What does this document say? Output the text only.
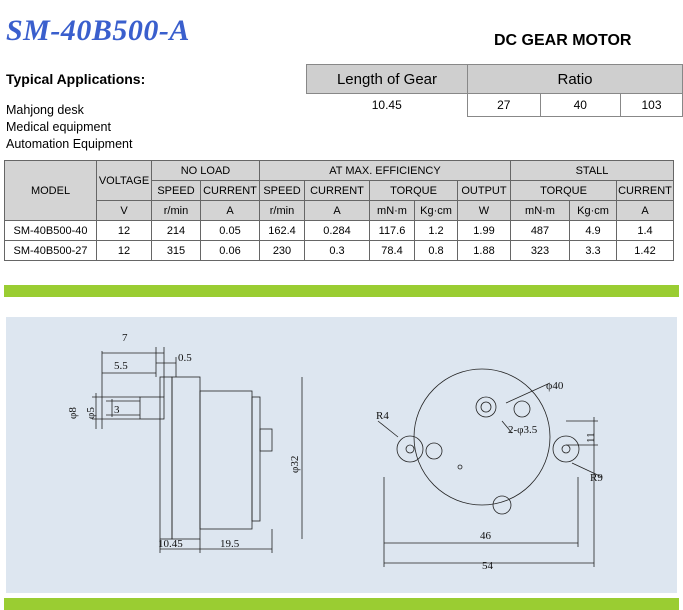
SM-40B500-A	DC GEAR MOTOR
Typical Applications:
Mahjong desk
Medical equipment
Automation Equipment
Length of Gear	Ratio		
10.45	27	40	103
MODEL	VOLTAGE	NO LOAD		AT MAX. EFFICIENCY					STALL		
		SPEED	CURRENT	SPEED	CURRENT	TORQUE		OUTPUT	TORQUE		CURRENT
	V	r/min	A	r/min	A	mN·m	Kg·cm	W	mN·m	Kg·cm	A
SM-40B500-40	12	214	0.05	162.4	0.284	117.6	1.2	1.99	487	4.9	1.4
SM-40B500-27	12	315	0.06	230	0.3	78.4	0.8	1.88	323	3.3	1.42
7
5.5
0.5
φ8 φ5 3
φ32
10.45	19.5
φ40
2-φ3.5
R4
11
R9
46
54
